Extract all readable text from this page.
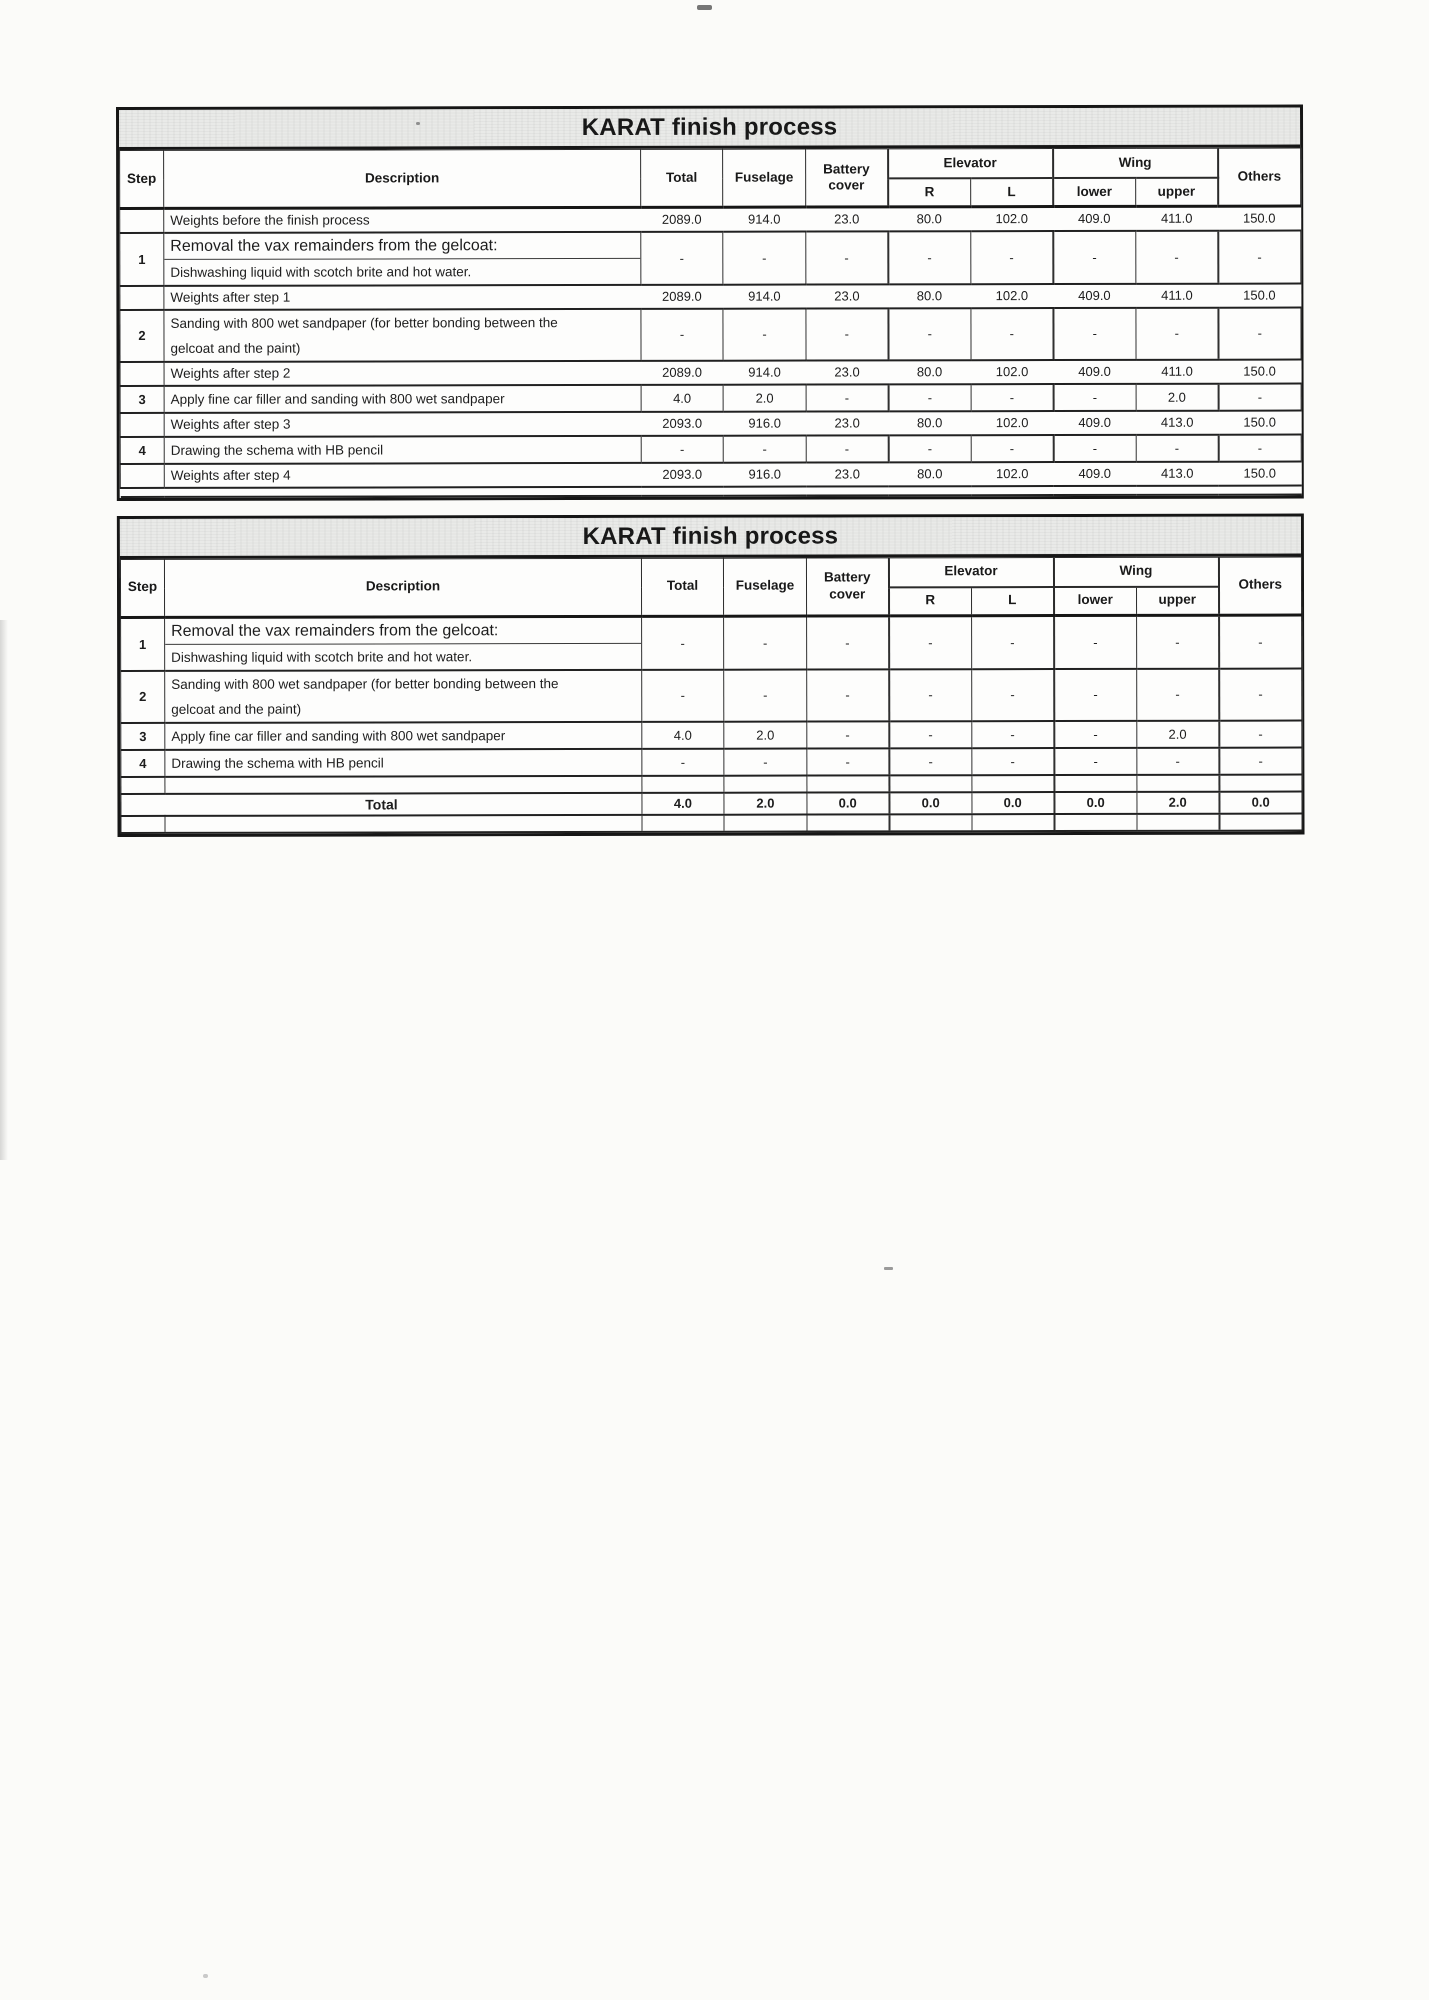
KARAT finish process
Step	Description	Total	Fuselage	Battery cover	Elevator		Wing		Others
					R	L	lower	upper	
	Weights before the finish process	2089.0	914.0	23.0	80.0	102.0	409.0	411.0	150.0
1	Removal the vax remainders from the gelcoat:
Dishwashing liquid with scotch brite and hot water.	-	-	-	-	-	-	-	-
	Weights after step 1	2089.0	914.0	23.0	80.0	102.0	409.0	411.0	150.0
2	Sanding with 800 wet sandpaper (for better bonding between the
gelcoat and the paint)	-	-	-	-	-	-	-	-
	Weights after step 2	2089.0	914.0	23.0	80.0	102.0	409.0	411.0	150.0
3	Apply fine car filler and sanding with 800 wet sandpaper	4.0	2.0	-	-	-	-	2.0	-
	Weights after step 3	2093.0	916.0	23.0	80.0	102.0	409.0	413.0	150.0
4	Drawing the schema with HB pencil	-	-	-	-	-	-	-	-
	Weights after step 4	2093.0	916.0	23.0	80.0	102.0	409.0	413.0	150.0

KARAT finish process
Step	Description	Total	Fuselage	Battery cover	Elevator		Wing		Others
					R	L	lower	upper	
1	Removal the vax remainders from the gelcoat:
Dishwashing liquid with scotch brite and hot water.	-	-	-	-	-	-	-	-
2	Sanding with 800 wet sandpaper (for better bonding between the
gelcoat and the paint)	-	-	-	-	-	-	-	-
3	Apply fine car filler and sanding with 800 wet sandpaper	4.0	2.0	-	-	-	-	2.0	-
4	Drawing the schema with HB pencil	-	-	-	-	-	-	-	-

Total		4.0	2.0	0.0	0.0	0.0	0.0	2.0	0.0
